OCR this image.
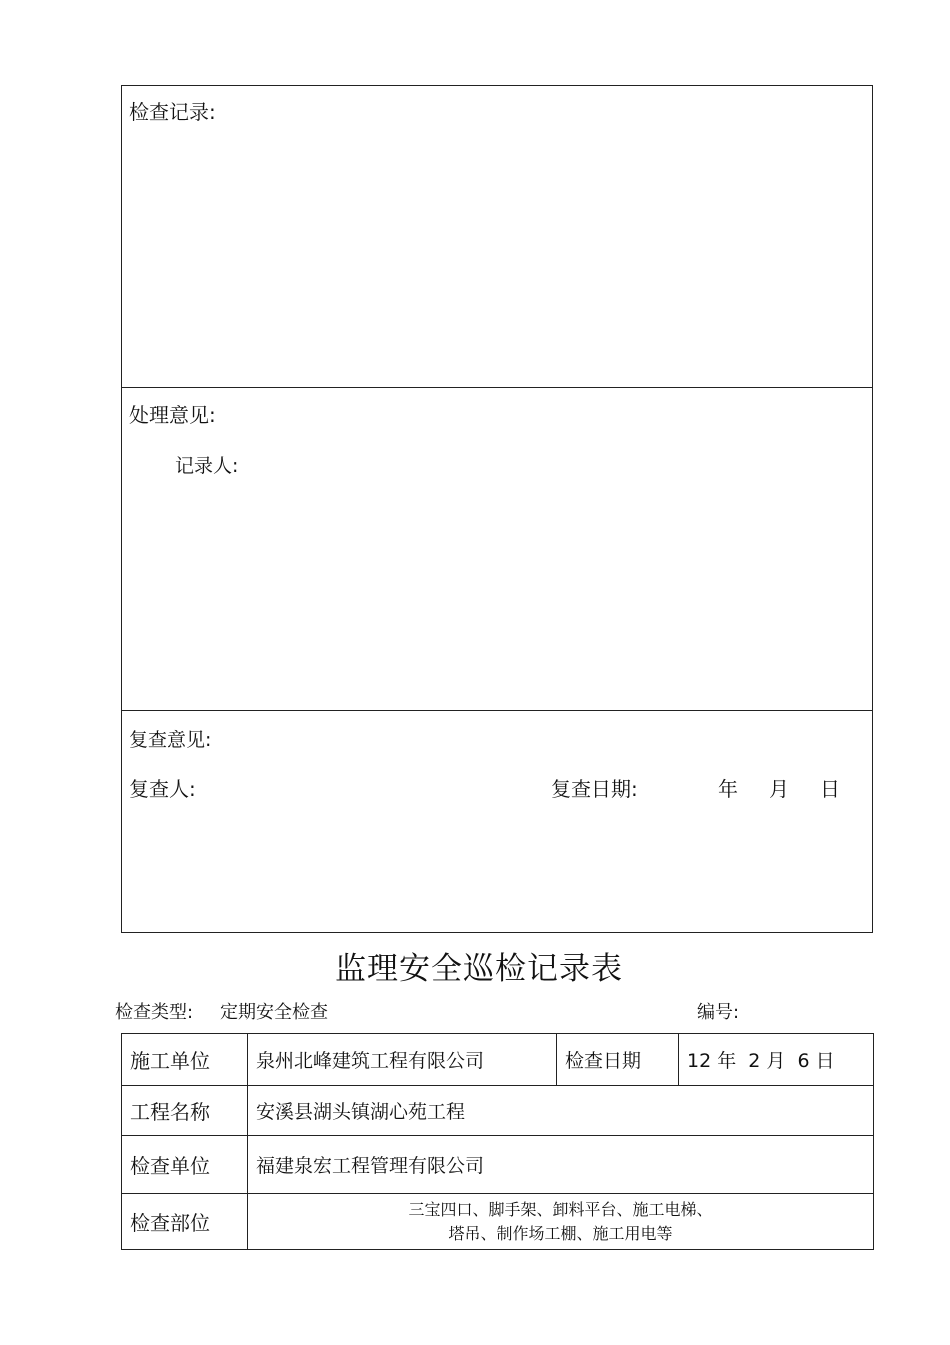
检查记录:
处理意见:
记录人:
复查意见:
复查人:	复查日期:	年 月 日
监理安全巡检记录表
检查类型: 定期安全检查	编号:
施工单位	泉州北峰建筑工程有限公司	检查日期	12 年  2 月  6 日
工程名称	安溪县湖头镇湖心苑工程		
检查单位	福建泉宏工程管理有限公司		
检查部位	三宝四口、脚手架、卸料平台、施工电梯、
塔吊、制作场工棚、施工用电等		
